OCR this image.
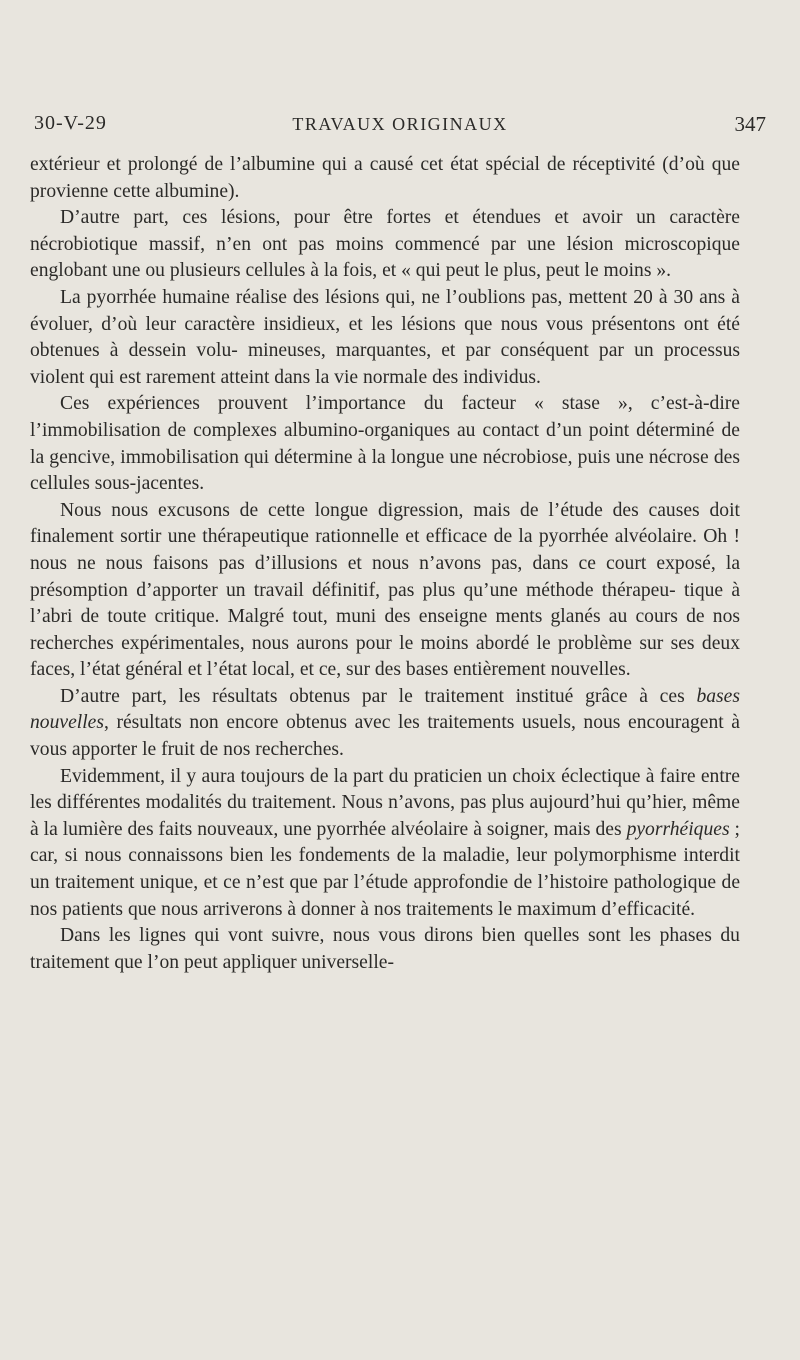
30-V-29	TRAVAUX ORIGINAUX	347

extérieur et prolongé de l’albumine qui a causé cet état spécial de réceptivité (d’où que provienne cette albumine).

D’autre part, ces lésions, pour être fortes et étendues et avoir un caractère nécrobiotique massif, n’en ont pas moins commencé par une lésion microscopique englobant une ou plusieurs cellules à la fois, et « qui peut le plus, peut le moins ».

La pyorrhée humaine réalise des lésions qui, ne l’oublions pas, mettent 20 à 30 ans à évoluer, d’où leur caractère insidieux, et les lésions que nous vous présentons ont été obtenues à dessein volu- mineuses, marquantes, et par conséquent par un processus violent qui est rarement atteint dans la vie normale des individus.

Ces expériences prouvent l’importance du facteur « stase », c’est-à-dire l’immobilisation de complexes albumino-organiques au contact d’un point déterminé de la gencive, immobilisation qui détermine à la longue une nécrobiose, puis une nécrose des cellules sous-jacentes.

Nous nous excusons de cette longue digression, mais de l’étude des causes doit finalement sortir une thérapeutique rationnelle et efficace de la pyorrhée alvéolaire. Oh ! nous ne nous faisons pas d’illusions et nous n’avons pas, dans ce court exposé, la présomption d’apporter un travail définitif, pas plus qu’une méthode thérapeu- tique à l’abri de toute critique. Malgré tout, muni des enseigne ments glanés au cours de nos recherches expérimentales, nous aurons pour le moins abordé le problème sur ses deux faces, l’état général et l’état local, et ce, sur des bases entièrement nouvelles.

D’autre part, les résultats obtenus par le traitement institué grâce à ces bases nouvelles, résultats non encore obtenus avec les traitements usuels, nous encouragent à vous apporter le fruit de nos recherches.

Evidemment, il y aura toujours de la part du praticien un choix éclectique à faire entre les différentes modalités du traitement. Nous n’avons, pas plus aujourd’hui qu’hier, même à la lumière des faits nouveaux, une pyorrhée alvéolaire à soigner, mais des pyorrhéiques ; car, si nous connaissons bien les fondements de la maladie, leur polymorphisme interdit un traitement unique, et ce n’est que par l’étude approfondie de l’histoire pathologique de nos patients que nous arriverons à donner à nos traitements le maximum d’efficacité.

Dans les lignes qui vont suivre, nous vous dirons bien quelles sont les phases du traitement que l’on peut appliquer universelle-
